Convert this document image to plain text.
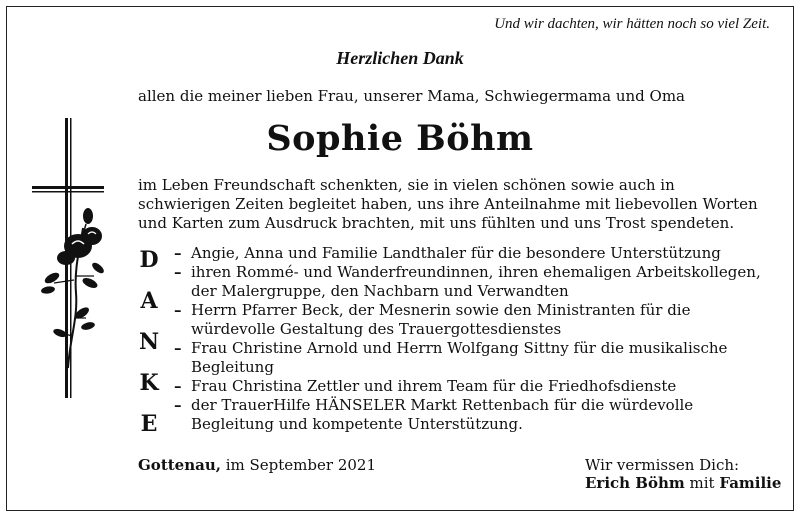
Und wir dachten, wir hätten noch so viel Zeit.
Herzlichen Dank
allen die meiner lieben Frau, unserer Mama, Schwiegermama und Oma
Sophie Böhm
im Leben Freundschaft schenkten, sie in vielen schönen sowie auch in
schwierigen Zeiten begleitet haben, uns ihre Anteilnahme mit liebevollen Worten
und Karten zum Ausdruck brachten, mit uns fühlten und uns Trost spendeten.
D
A
N
K
E
– Angie, Anna und Familie Landthaler für die besondere Unterstützung
– ihren Rommé- und Wanderfreundinnen, ihren ehemaligen Arbeitskollegen,
der Malergruppe, den Nachbarn und Verwandten
– Herrn Pfarrer Beck, der Mesnerin sowie den Ministranten für die
würdevolle Gestaltung des Trauergottesdienstes
– Frau Christine Arnold und Herrn Wolfgang Sittny für die musikalische
Begleitung
– Frau Christina Zettler und ihrem Team für die Friedhofsdienste
– der TrauerHilfe HÄNSELER Markt Rettenbach für die würdevolle
Begleitung und kompetente Unterstützung.
Gottenau, im September 2021	Wir vermissen Dich:
Erich Böhm mit Familie
